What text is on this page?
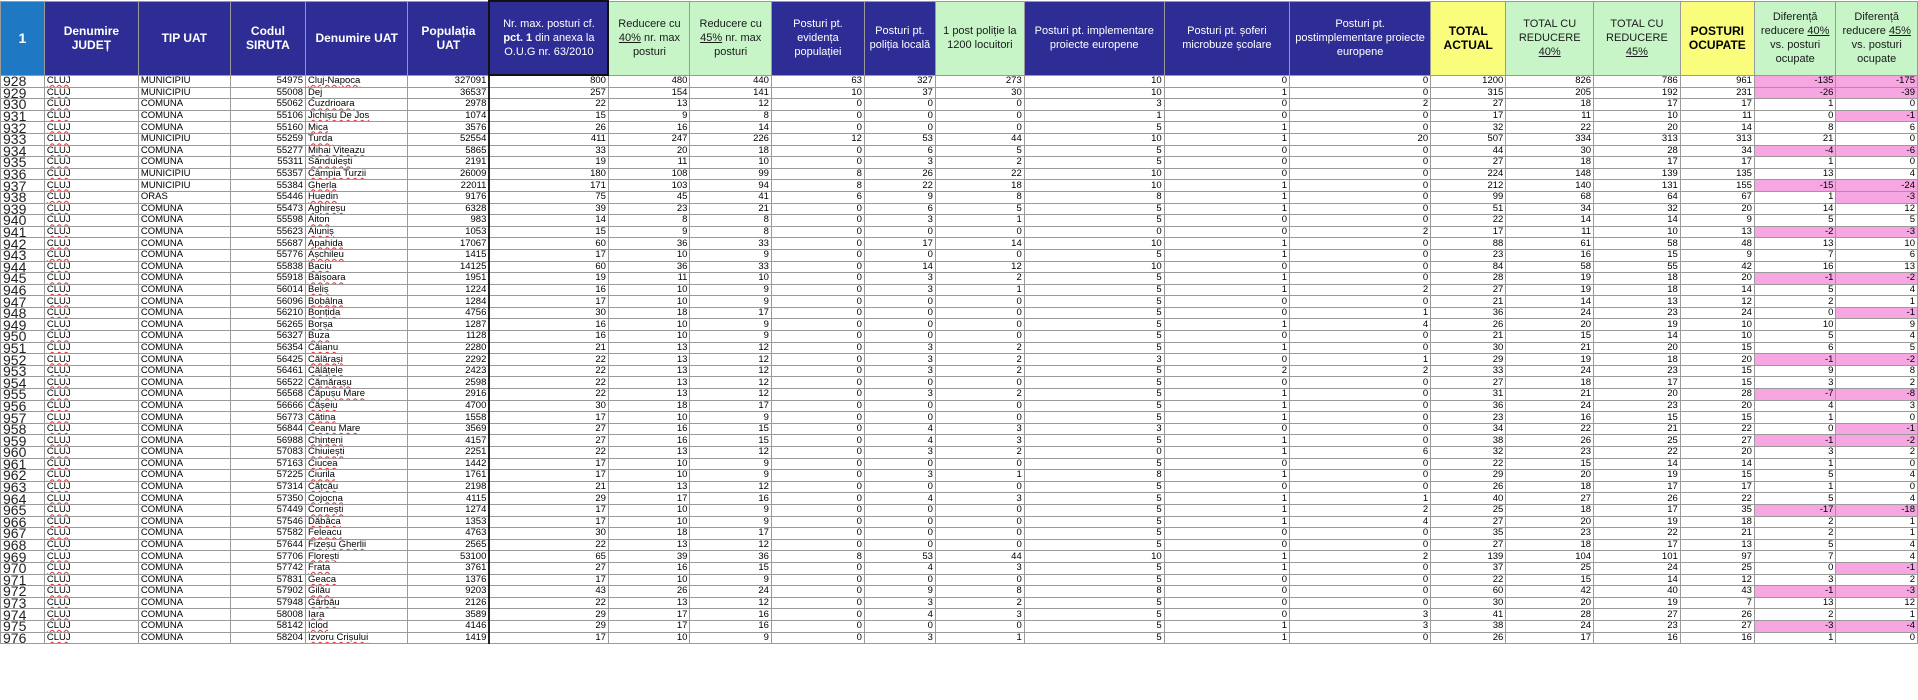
1	Denumire JUDEȚ	TIP UAT	Codul SIRUTA	Denumire UAT	Populația UAT	Nr. max. posturi cf. pct. 1 din anexa la O.U.G nr. 63/2010	Reducere cu 40% nr. max posturi	Reducere cu 45% nr. max posturi	Posturi pt. evidența populației	Posturi pt. poliția locală	1 post poliție la 1200 locuitori	Posturi pt. implementare proiecte europene	Posturi pt. șoferi microbuze școlare	Posturi pt. postimplementare proiecte europene	TOTAL ACTUAL	TOTAL CU REDUCERE 40%	TOTAL CU REDUCERE 45%	POSTURI OCUPATE	Diferență reducere 40% vs. posturi ocupate	Diferență reducere 45% vs. posturi ocupate
928	CLUJ	MUNICIPIU	54975	Cluj-Napoca	327091	800	480	440	63	327	273	10	0	0	1200	826	786	961	-135	-175
929	CLUJ	MUNICIPIU	55008	Dej	36537	257	154	141	10	37	30	10	1	0	315	205	192	231	-26	-39
930	CLUJ	COMUNA	55062	Cuzdrioara	2978	22	13	12	0	0	0	3	0	2	27	18	17	17	1	0
931	CLUJ	COMUNA	55106	Jichișu De Jos	1074	15	9	8	0	0	0	1	0	0	17	11	10	11	0	-1
932	CLUJ	COMUNA	55160	Mica	3576	26	16	14	0	0	0	5	1	0	32	22	20	14	8	6
933	CLUJ	MUNICIPIU	55259	Turda	52554	411	247	226	12	53	44	10	1	20	507	334	313	313	21	0
934	CLUJ	COMUNA	55277	Mihai Viteazu	5865	33	20	18	0	6	5	5	0	0	44	30	28	34	-4	-6
935	CLUJ	COMUNA	55311	Săndulești	2191	19	11	10	0	3	2	5	0	0	27	18	17	17	1	0
936	CLUJ	MUNICIPIU	55357	Câmpia Turzii	26009	180	108	99	8	26	22	10	0	0	224	148	139	135	13	4
937	CLUJ	MUNICIPIU	55384	Gherla	22011	171	103	94	8	22	18	10	1	0	212	140	131	155	-15	-24
938	CLUJ	ORAS	55446	Huedin	9176	75	45	41	6	9	8	8	1	0	99	68	64	67	1	-3
939	CLUJ	COMUNA	55473	Aghireșu	6328	39	23	21	0	6	5	5	1	0	51	34	32	20	14	12
940	CLUJ	COMUNA	55598	Aiton	983	14	8	8	0	3	1	5	0	0	22	14	14	9	5	5
941	CLUJ	COMUNA	55623	Aluniș	1053	15	9	8	0	0	0	0	0	2	17	11	10	13	-2	-3
942	CLUJ	COMUNA	55687	Apahida	17067	60	36	33	0	17	14	10	1	0	88	61	58	48	13	10
943	CLUJ	COMUNA	55776	Așchileu	1415	17	10	9	0	0	0	5	1	0	23	16	15	9	7	6
944	CLUJ	COMUNA	55838	Baciu	14125	60	36	33	0	14	12	10	0	0	84	58	55	42	16	13
945	CLUJ	COMUNA	55918	Băișoara	1951	19	11	10	0	3	2	5	1	0	28	19	18	20	-1	-2
946	CLUJ	COMUNA	56014	Beliș	1224	16	10	9	0	3	1	5	1	2	27	19	18	14	5	4
947	CLUJ	COMUNA	56096	Bobâlna	1284	17	10	9	0	0	0	5	0	0	21	14	13	12	2	1
948	CLUJ	COMUNA	56210	Bonțida	4756	30	18	17	0	0	0	5	0	1	36	24	23	24	0	-1
949	CLUJ	COMUNA	56265	Borșa	1287	16	10	9	0	0	0	5	1	4	26	20	19	10	10	9
950	CLUJ	COMUNA	56327	Buza	1128	16	10	9	0	0	0	5	0	0	21	15	14	10	5	4
951	CLUJ	COMUNA	56354	Căianu	2280	21	13	12	0	3	2	5	1	0	30	21	20	15	6	5
952	CLUJ	COMUNA	56425	Călărași	2292	22	13	12	0	3	2	3	0	1	29	19	18	20	-1	-2
953	CLUJ	COMUNA	56461	Călățele	2423	22	13	12	0	3	2	5	2	2	33	24	23	15	9	8
954	CLUJ	COMUNA	56522	Cămărașu	2598	22	13	12	0	0	0	5	0	0	27	18	17	15	3	2
955	CLUJ	COMUNA	56568	Căpușu Mare	2916	22	13	12	0	3	2	5	1	0	31	21	20	28	-7	-8
956	CLUJ	COMUNA	56666	Cășeiu	4700	30	18	17	0	0	0	5	1	0	36	24	23	20	4	3
957	CLUJ	COMUNA	56773	Cătina	1558	17	10	9	0	0	0	5	1	0	23	16	15	15	1	0
958	CLUJ	COMUNA	56844	Ceanu Mare	3569	27	16	15	0	4	3	3	0	0	34	22	21	22	0	-1
959	CLUJ	COMUNA	56988	Chinteni	4157	27	16	15	0	4	3	5	1	0	38	26	25	27	-1	-2
960	CLUJ	COMUNA	57083	Chiuiești	2251	22	13	12	0	3	2	0	1	6	32	23	22	20	3	2
961	CLUJ	COMUNA	57163	Ciucea	1442	17	10	9	0	0	0	5	0	0	22	15	14	14	1	0
962	CLUJ	COMUNA	57225	Ciurila	1761	17	10	9	0	3	1	8	1	0	29	20	19	15	5	4
963	CLUJ	COMUNA	57314	Cățcău	2198	21	13	12	0	0	0	5	0	0	26	18	17	17	1	0
964	CLUJ	COMUNA	57350	Cojocna	4115	29	17	16	0	4	3	5	1	1	40	27	26	22	5	4
965	CLUJ	COMUNA	57449	Cornești	1274	17	10	9	0	0	0	5	1	2	25	18	17	35	-17	-18
966	CLUJ	COMUNA	57546	Dăbâca	1353	17	10	9	0	0	0	5	1	4	27	20	19	18	2	1
967	CLUJ	COMUNA	57582	Feleacu	4763	30	18	17	0	0	0	5	0	0	35	23	22	21	2	1
968	CLUJ	COMUNA	57644	Fizeșu Gherlii	2565	22	13	12	0	0	0	5	0	0	27	18	17	13	5	4
969	CLUJ	COMUNA	57706	Florești	53100	65	39	36	8	53	44	10	1	2	139	104	101	97	7	4
970	CLUJ	COMUNA	57742	Frata	3761	27	16	15	0	4	3	5	1	0	37	25	24	25	0	-1
971	CLUJ	COMUNA	57831	Geaca	1376	17	10	9	0	0	0	5	0	0	22	15	14	12	3	2
972	CLUJ	COMUNA	57902	Gilău	9203	43	26	24	0	9	8	8	0	0	60	42	40	43	-1	-3
973	CLUJ	COMUNA	57948	Gârbău	2126	22	13	12	0	3	2	5	0	0	30	20	19	7	13	12
974	CLUJ	COMUNA	58008	Iara	3589	29	17	16	0	4	3	5	0	3	41	28	27	26	2	1
975	CLUJ	COMUNA	58142	Iclod	4146	29	17	16	0	0	0	5	1	3	38	24	23	27	-3	-4
976	CLUJ	COMUNA	58204	Izvoru Crișului	1419	17	10	9	0	3	1	5	1	0	26	17	16	16	1	0
